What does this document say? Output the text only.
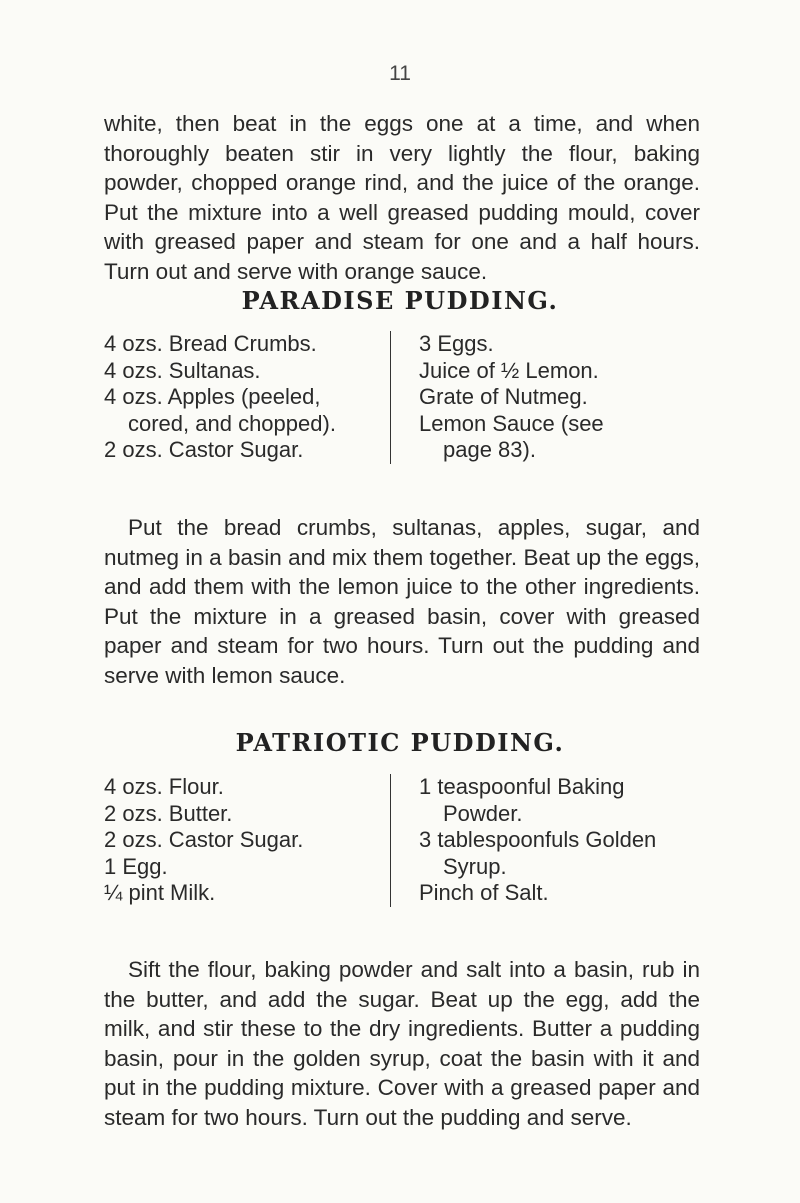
11

white, then beat in the eggs one at a time, and when thoroughly beaten stir in very lightly the flour, baking powder, chopped orange rind, and the juice of the orange. Put the mixture into a well greased pudding mould, cover with greased paper and steam for one and a half hours. Turn out and serve with orange sauce.

PARADISE PUDDING.
4 ozs. Bread Crumbs.
4 ozs. Sultanas.
4 ozs. Apples (peeled,
cored, and chopped).
2 ozs. Castor Sugar.
3 Eggs.
Juice of ½ Lemon.
Grate of Nutmeg.
Lemon Sauce (see
page 83).

Put the bread crumbs, sultanas, apples, sugar, and nutmeg in a basin and mix them together. Beat up the eggs, and add them with the lemon juice to the other ingredients. Put the mixture in a greased basin, cover with greased paper and steam for two hours. Turn out the pudding and serve with lemon sauce.

PATRIOTIC PUDDING.
4 ozs. Flour.
2 ozs. Butter.
2 ozs. Castor Sugar.
1 Egg.
¼ pint Milk.
1 teaspoonful Baking
Powder.
3 tablespoonfuls Golden
Syrup.
Pinch of Salt.

Sift the flour, baking powder and salt into a basin, rub in the butter, and add the sugar. Beat up the egg, add the milk, and stir these to the dry ingredients. Butter a pudding basin, pour in the golden syrup, coat the basin with it and put in the pudding mixture. Cover with a greased paper and steam for two hours. Turn out the pudding and serve.
